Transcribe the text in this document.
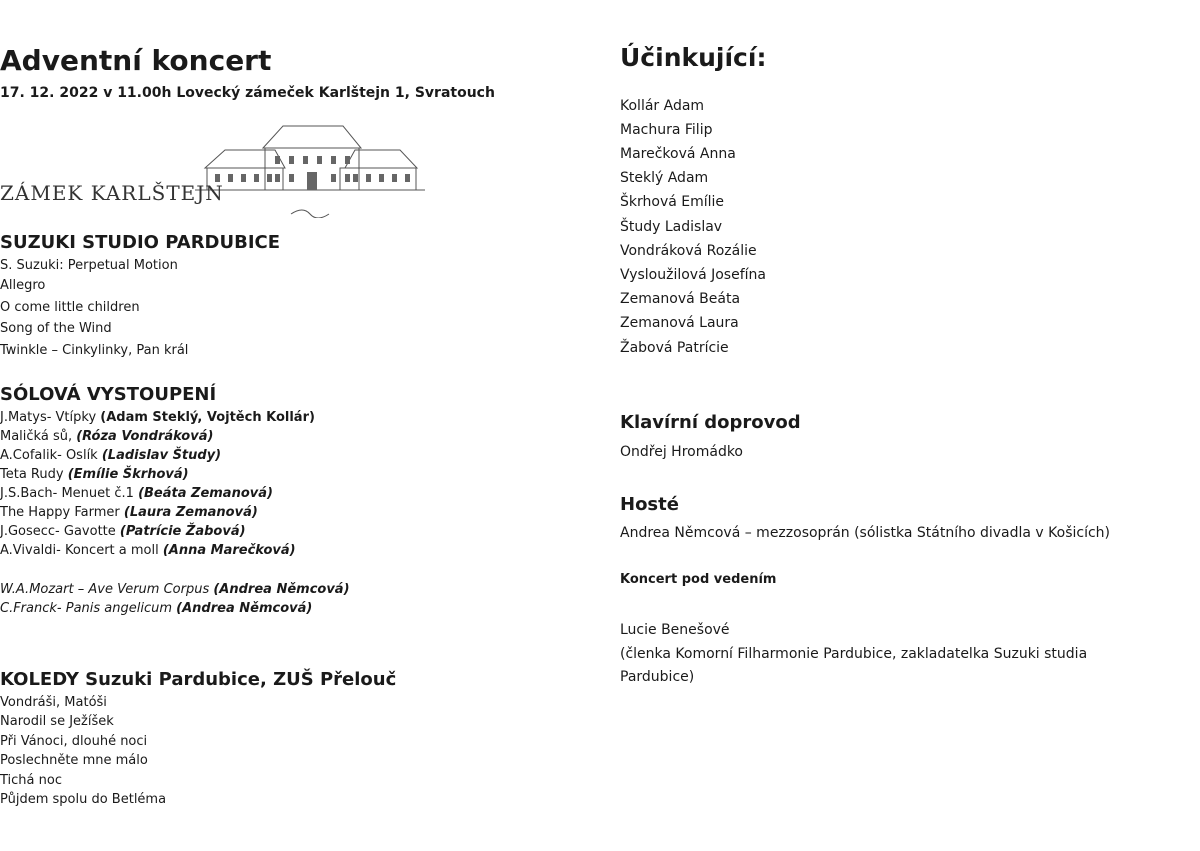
Adventní koncert
17. 12. 2022 v 11.00h Lovecký zámeček Karlštejn 1, Svratouch
ZÁMEK KARLŠTEJN
SUZUKI STUDIO PARDUBICE
S. Suzuki: Perpetual Motion
Allegro
O come little children
Song of the Wind
Twinkle – Cinkylinky, Pan král
SÓLOVÁ VYSTOUPENÍ
J.Matys- Vtípky (Adam Steklý, Vojtěch Kollár)
Maličká sů, (Róza Vondráková)
A.Cofalik- Oslík (Ladislav Študy)
Teta Rudy (Emílie Škrhová)
J.S.Bach- Menuet č.1 (Beáta Zemanová)
The Happy Farmer (Laura Zemanová)
J.Gosecc- Gavotte (Patrície Žabová)
A.Vivaldi- Koncert a moll (Anna Marečková)
W.A.Mozart – Ave Verum Corpus (Andrea Němcová)
C.Franck- Panis angelicum (Andrea Němcová)
KOLEDY Suzuki Pardubice, ZUŠ Přelouč
Vondráši, Matóši
Narodil se Ježíšek
Při Vánoci, dlouhé noci
Poslechněte mne málo
Tichá noc
Půjdem spolu do Betléma
Účinkující:
Kollár Adam
Machura Filip
Marečková Anna
Steklý Adam
Škrhová Emílie
Študy Ladislav
Vondráková Rozálie
Vysloužilová Josefína
Zemanová Beáta
Zemanová Laura
Žabová Patrície
Klavírní doprovod
Ondřej Hromádko
Hosté
Andrea Němcová – mezzosoprán (sólistka Státního divadla v Košicích)
Koncert pod vedením
Lucie Benešové
(členka Komorní Filharmonie Pardubice, zakladatelka Suzuki studia
Pardubice)
